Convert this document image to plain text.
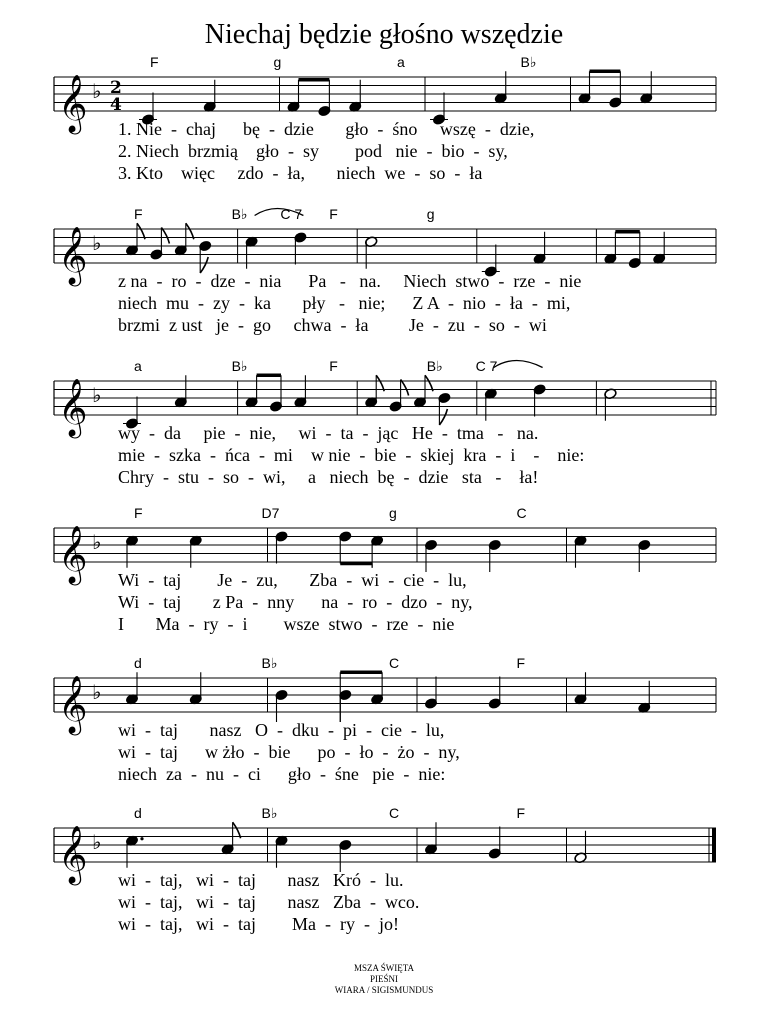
Niechaj będzie głośno wszędzie
𝄞 ♭ 2
4
F	g	a	B♭
1. Nie  -  chaj      bę  -  dzie       gło  -  śno     wszę  -  dzie,
2. Niech  brzmią    gło  -  sy        pod   nie  -  bio  -  sy,
3. Kto    więc     zdo  -  ła,       niech  we  -  so  -  ła
𝄞 ♭
F	B♭ C 7 F	g
z na  -  ro  -  dze  -  nia      Pa   -   na.     Niech  stwo  -  rze  -  nie
niech  mu  -  zy  -  ka       pły   -   nie;      Z A  -  nio  -  ła  -  mi,
brzmi  z ust   je  -  go     chwa  -  ła         Je  -  zu  -  so  -  wi
𝄞 ♭
a	B♭	F	B♭ C 7
wy  -  da     pie  -  nie,     wi  -  ta  -  jąc   He  -  tma   -   na.
mie  -  szka  -  ńca  -  mi    w nie  -  bie  -  skiej  kra  -  i    -    nie:
Chry  -  stu  -  so  -  wi,     a   niech  bę  -  dzie   sta   -    ła!
𝄞 ♭
F	D7	g	C
Wi  -  taj        Je  -  zu,       Zba  -  wi  -  cie  -  lu,
Wi  -  taj       z Pa  -  nny      na  -  ro  -  dzo  -  ny,
I       Ma  -  ry  -  i        wsze  stwo  -  rze  -  nie
𝄞 ♭
d	B♭	C	F
wi  -  taj       nasz   O  -  dku  -  pi  -  cie  -  lu,
wi  -  taj      w żło  -  bie      po  -  ło  -  żo  -  ny,
niech  za  -  nu  -  ci      gło  -  śne   pie  -  nie:
𝄞 ♭
d	B♭	C	F
wi  -  taj,   wi  -  taj       nasz   Kró  -  lu.
wi  -  taj,   wi  -  taj       nasz   Zba  -  wco.
wi  -  taj,   wi  -  taj        Ma  -  ry  -  jo!
MSZA ŚWIĘTA
PIEŚNI
WIARA / SIGISMUNDUS
